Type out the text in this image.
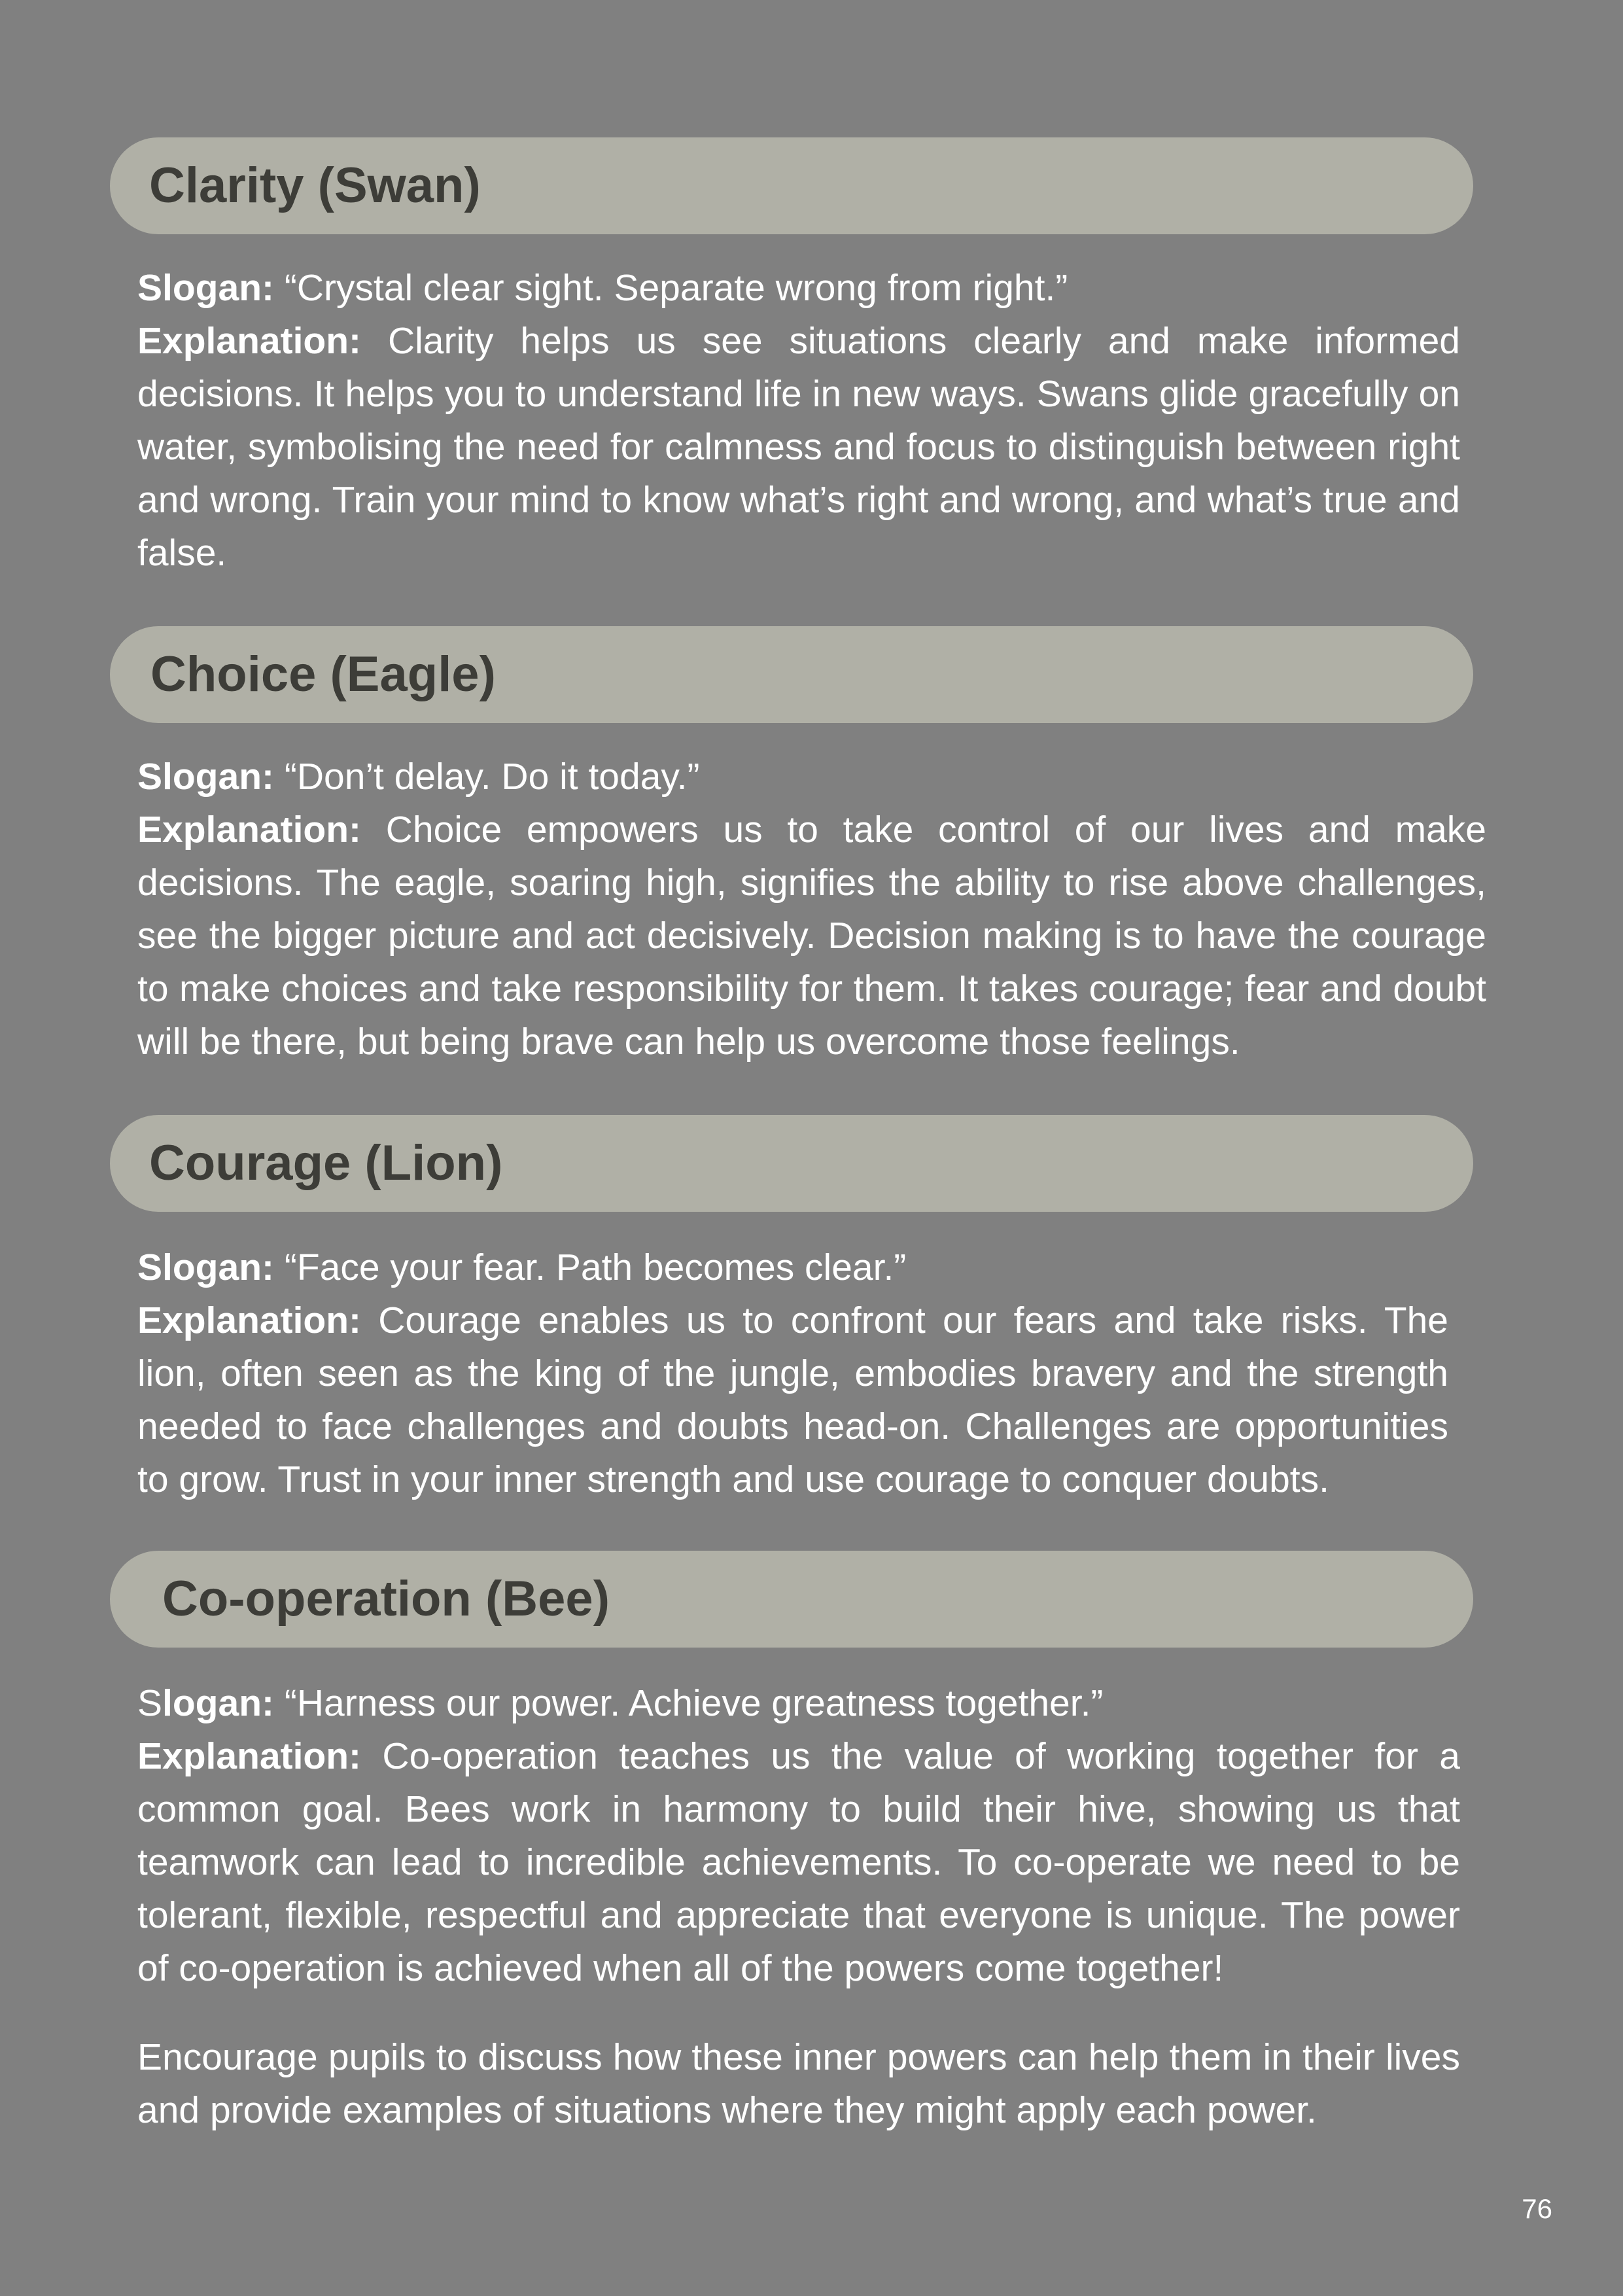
Clarity (Swan)
Slogan: “Crystal clear sight. Separate wrong from right.”

Explanation: Clarity helps us see situations clearly and make informed decisions. It helps you to understand life in new ways. Swans glide gracefully on water, symbolising the need for calmness and focus to distinguish between right and wrong. Train your mind to know what’s right and wrong, and what’s true and false.

Choice (Eagle)
Slogan: “Don’t delay. Do it today.”

Explanation: Choice empowers us to take control of our lives and make decisions. The eagle, soaring high, signifies the ability to rise above challenges, see the bigger picture and act decisively. Decision making is to have the courage to make choices and take responsibility for them. It takes courage; fear and doubt will be there, but being brave can help us overcome those feelings.

Courage (Lion)
Slogan: “Face your fear. Path becomes clear.”

Explanation: Courage enables us to confront our fears and take risks. The lion, often seen as the king of the jungle, embodies bravery and the strength needed to face challenges and doubts head-on. Challenges are opportunities to grow. Trust in your inner strength and use courage to conquer doubts.

Co-operation (Bee)
Slogan: “Harness our power. Achieve greatness together.”

Explanation: Co-operation teaches us the value of working together for a common goal. Bees work in harmony to build their hive, showing us that teamwork can lead to incredible achievements. To co-operate we need to be tolerant, flexible, respectful and appreciate that everyone is unique. The power of co-operation is achieved when all of the powers come together!

Encourage pupils to discuss how these inner powers can help them in their lives and provide examples of situations where they might apply each power.

76
